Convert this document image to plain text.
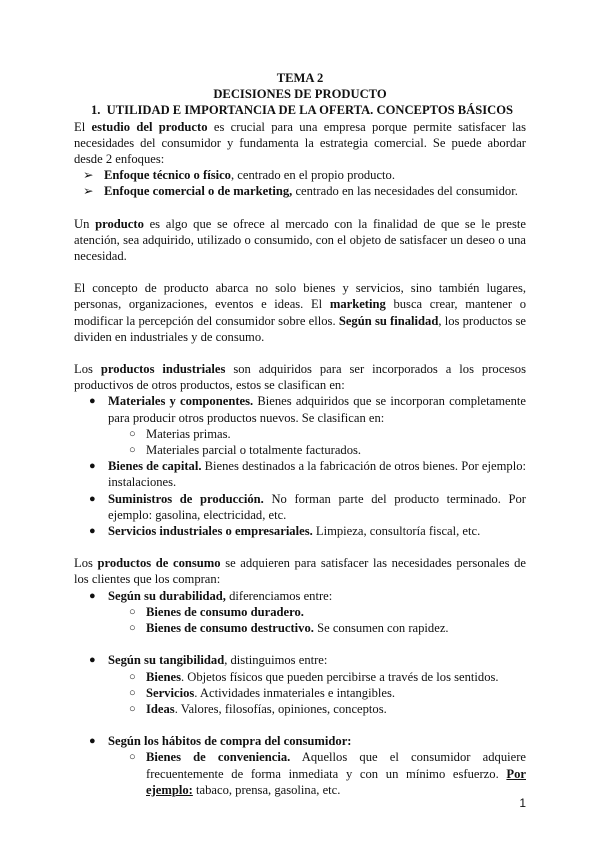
TEMA 2

DECISIONES DE PRODUCTO

1.  UTILIDAD E IMPORTANCIA DE LA OFERTA. CONCEPTOS BÁSICOS

El estudio del producto es crucial para una empresa porque permite satisfacer las necesidades del consumidor y fundamenta la estrategia comercial. Se puede abordar desde 2 enfoques:

➢ Enfoque técnico o físico, centrado en el propio producto.
➢ Enfoque comercial o de marketing, centrado en las necesidades del consumidor.

Un producto es algo que se ofrece al mercado con la finalidad de que se le preste atención, sea adquirido, utilizado o consumido, con el objeto de satisfacer un deseo o una necesidad.

El concepto de producto abarca no solo bienes y servicios, sino también lugares, personas, organizaciones, eventos e ideas. El marketing busca crear, mantener o modificar la percepción del consumidor sobre ellos. Según su finalidad, los productos se dividen en industriales y de consumo.

Los productos industriales son adquiridos para ser incorporados a los procesos productivos de otros productos, estos se clasifican en:

● Materiales y componentes. Bienes adquiridos que se incorporan completamente para producir otros productos nuevos. Se clasifican en:
○ Materias primas.
○ Materiales parcial o totalmente facturados.
● Bienes de capital. Bienes destinados a la fabricación de otros bienes. Por ejemplo: instalaciones.
● Suministros de producción. No forman parte del producto terminado. Por ejemplo: gasolina, electricidad, etc.
● Servicios industriales o empresariales. Limpieza, consultoría fiscal, etc.

Los productos de consumo se adquieren para satisfacer las necesidades personales de los clientes que los compran:

● Según su durabilidad, diferenciamos entre:
○ Bienes de consumo duradero.
○ Bienes de consumo destructivo. Se consumen con rapidez.
● Según su tangibilidad, distinguimos entre:
○ Bienes. Objetos físicos que pueden percibirse a través de los sentidos.
○ Servicios. Actividades inmateriales e intangibles.
○ Ideas. Valores, filosofías, opiniones, conceptos.
● Según los hábitos de compra del consumidor:
○ Bienes de conveniencia. Aquellos que el consumidor adquiere frecuentemente de forma inmediata y con un mínimo esfuerzo. Por ejemplo: tabaco, prensa, gasolina, etc.
1
